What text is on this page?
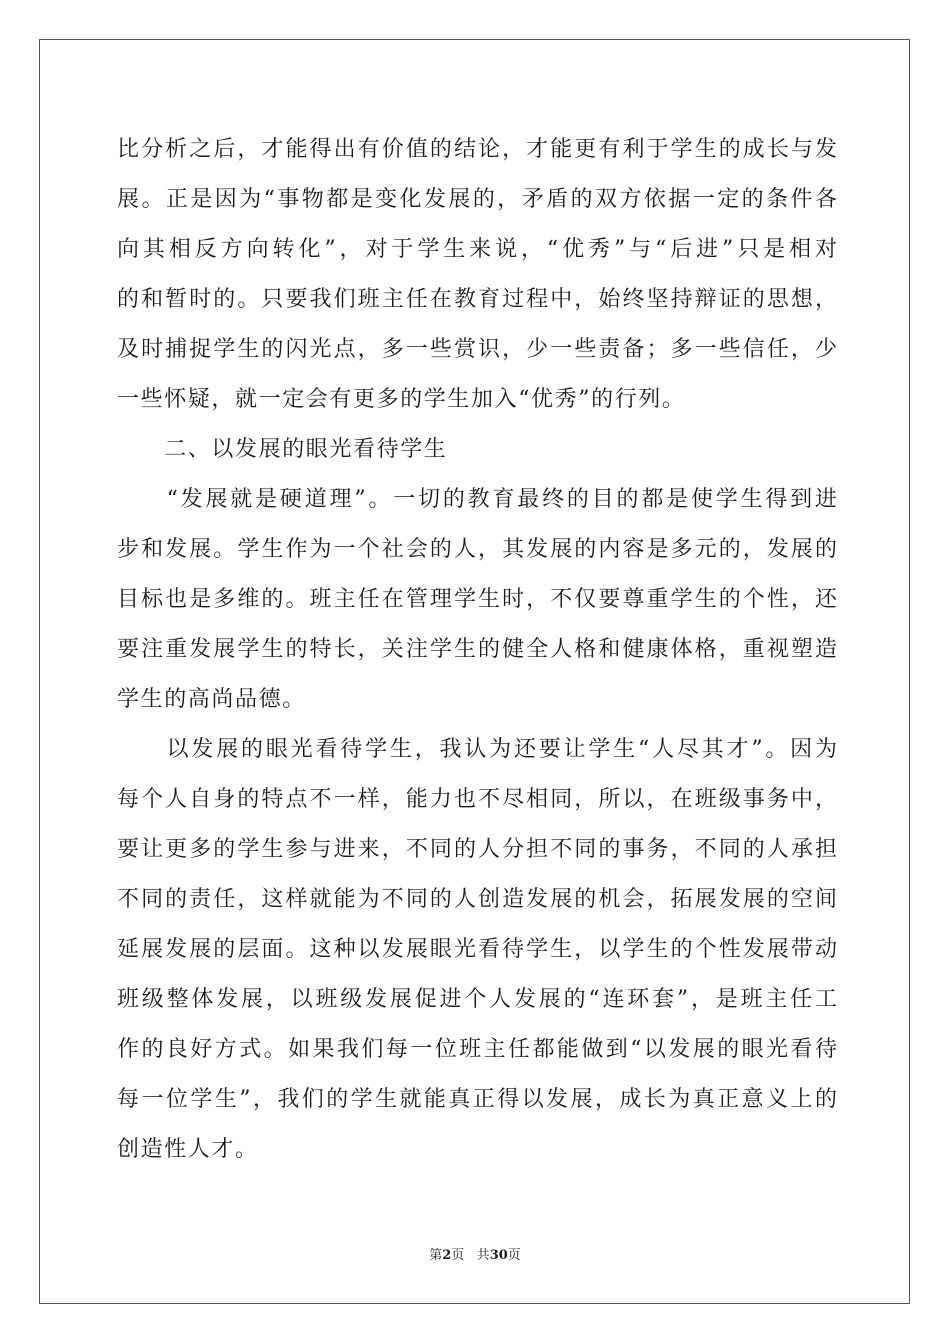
比分析之后，才能得出有价值的结论，才能更有利于学生的成长与发
展。正是因为“事物都是变化发展的，矛盾的双方依据一定的条件各
向其相反方向转化”，对于学生来说，“优秀”与“后进”只是相对
的和暂时的。只要我们班主任在教育过程中，始终坚持辩证的思想，
及时捕捉学生的闪光点，多一些赏识，少一些责备；多一些信任，少
一些怀疑，就一定会有更多的学生加入“优秀”的行列。
　　二、以发展的眼光看待学生
　　“发展就是硬道理”。一切的教育最终的目的都是使学生得到进
步和发展。学生作为一个社会的人，其发展的内容是多元的，发展的
目标也是多维的。班主任在管理学生时，不仅要尊重学生的个性，还
要注重发展学生的特长，关注学生的健全人格和健康体格，重视塑造
学生的高尚品德。
　　以发展的眼光看待学生，我认为还要让学生“人尽其才”。因为
每个人自身的特点不一样，能力也不尽相同，所以，在班级事务中，
要让更多的学生参与进来，不同的人分担不同的事务，不同的人承担
不同的责任，这样就能为不同的人创造发展的机会，拓展发展的空间
延展发展的层面。这种以发展眼光看待学生，以学生的个性发展带动
班级整体发展，以班级发展促进个人发展的“连环套”，是班主任工
作的良好方式。如果我们每一位班主任都能做到“以发展的眼光看待
每一位学生”，我们的学生就能真正得以发展，成长为真正意义上的
创造性人才。
第2页 共30页
